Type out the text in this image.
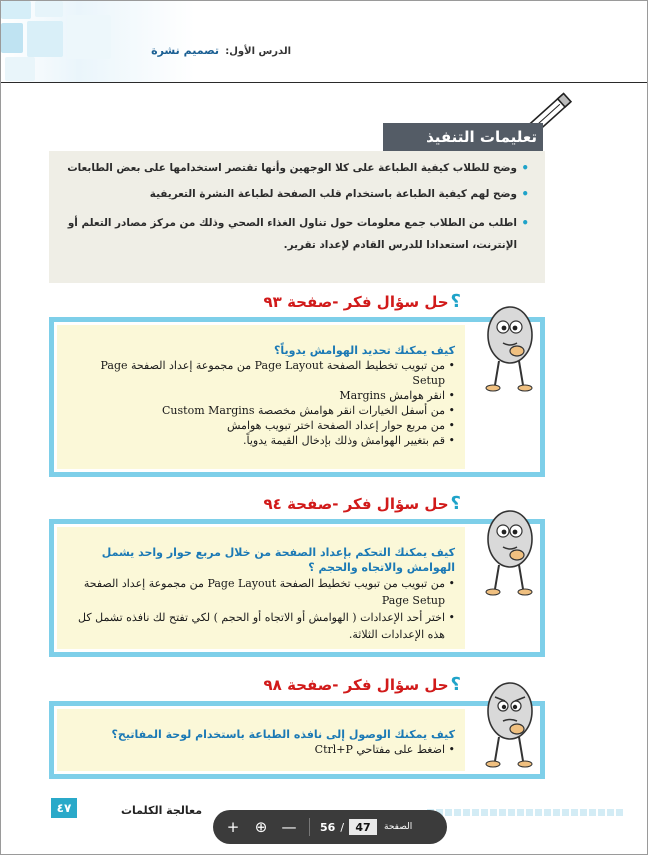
الدرس الأول: تصميم نشرة
تعليمات التنفيذ
•
وضح للطلاب كيفية الطباعة على كلا الوجهين وأنها تقتصر استخدامها على بعض الطابعات
•
وضح لهم كيفية الطباعة باستخدام قلب الصفحة لطباعة النشرة التعريفية
•
اطلب من الطلاب جمع معلومات حول تناول الغذاء الصحي وذلك من مركز مصادر التعلم أو
الإنترنت، استعدادا للدرس القادم لإعداد تقرير.
؟حل سؤال فكر -صفحة ٩٣
كيف يمكنك تحديد الهوامش يدوياً؟
•
من تبويب تخطيط الصفحة Page Layout من مجموعة إعداد الصفحة Page Setup
•
انقر هوامش Margins
•
من أسفل الخيارات انقر هوامش مخصصة Custom Margins
•
من مربع حوار إعداد الصفحة اختر تبويب هوامش
•
قم بتغيير الهوامش وذلك بإدخال القيمة يدوياً.
؟حل سؤال فكر -صفحة ٩٤
كيف يمكنك التحكم بإعداد الصفحة من خلال مربع حوار واحد يشمل الهوامش والاتجاه والحجم ؟
•
من تبويب من تبويب تخطيط الصفحة Page Layout من مجموعة إعداد الصفحة Page Setup
•
اختر أحد الإعدادات ( الهوامش أو الاتجاه أو الحجم ) لكي تفتح لك نافذه تشمل كل هذه الإعدادات الثلاثة.
؟حل سؤال فكر -صفحة ٩٨
كيف يمكنك الوصول إلى نافذه الطباعة باستخدام لوحة المفاتيح؟
•
اضغط على مفتاحي Ctrl+P
٤٧	معالجة الكلمات
+	⊕ —	56 /
47	الصفحة
